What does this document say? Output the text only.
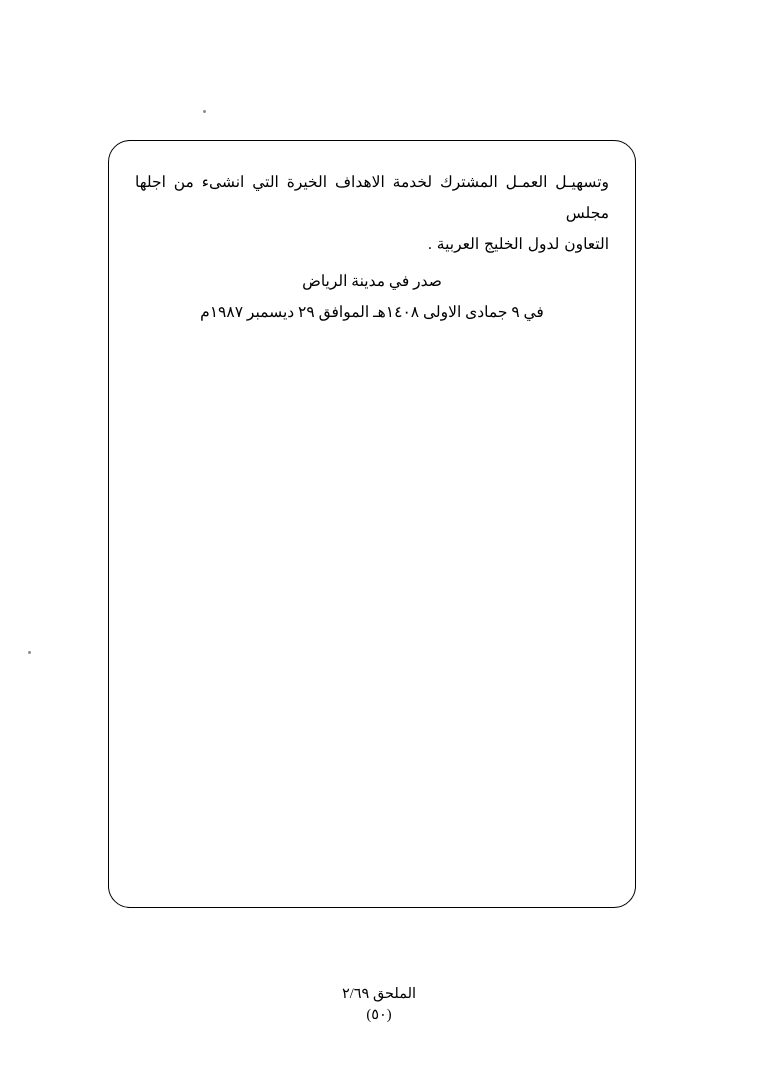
وتسهيـل العمـل المشترك لخدمة الاهداف الخيرة التي انشىء من اجلها مجلس
التعاون لدول الخليج العربية .
صدر في مدينة الرياض
في ٩ جمادى الاولى ١٤٠٨هـ الموافق ٢٩ ديسمبر ١٩٨٧م
الملحق ٢/٦٩
(٥٠)
